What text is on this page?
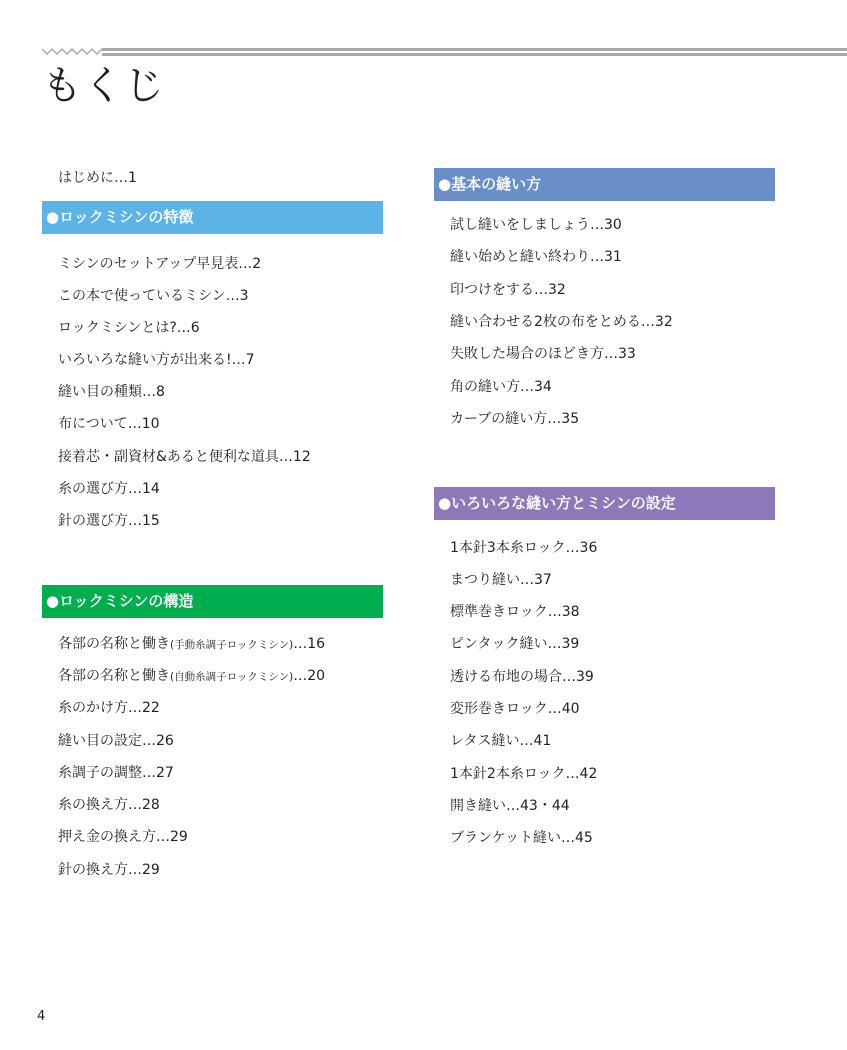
もくじ
はじめに…1
●ロックミシンの特徴
ミシンのセットアップ早見表…2
この本で使っているミシン…3
ロックミシンとは?…6
いろいろな縫い方が出来る!…7
縫い目の種類…8
布について…10
接着芯・副資材&あると便利な道具…12
糸の選び方…14
針の選び方…15
●ロックミシンの構造
各部の名称と働き(手動糸調子ロックミシン)…16
各部の名称と働き(自動糸調子ロックミシン)…20
糸のかけ方…22
縫い目の設定…26
糸調子の調整…27
糸の換え方…28
押え金の換え方…29
針の換え方…29
●基本の縫い方
試し縫いをしましょう…30
縫い始めと縫い終わり…31
印つけをする…32
縫い合わせる2枚の布をとめる…32
失敗した場合のほどき方…33
角の縫い方…34
カーブの縫い方…35
●いろいろな縫い方とミシンの設定
1本針3本糸ロック…36
まつり縫い…37
標準巻きロック…38
ピンタック縫い…39
透ける布地の場合…39
変形巻きロック…40
レタス縫い…41
1本針2本糸ロック…42
開き縫い…43・44
ブランケット縫い…45
4
